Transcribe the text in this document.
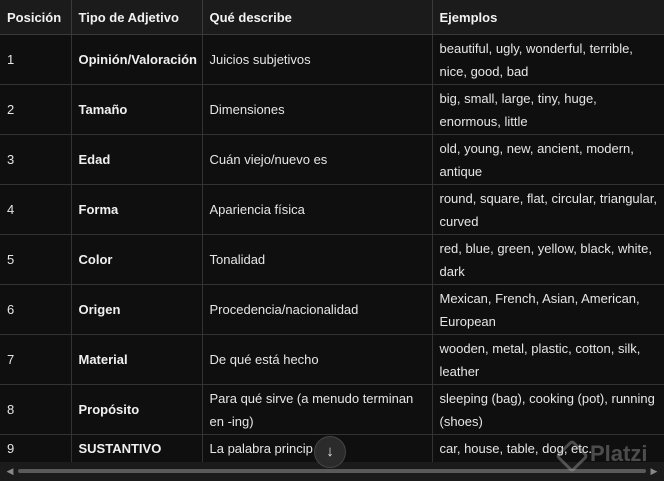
Posición	Tipo de Adjetivo	Qué describe	Ejemplos
1	Opinión/Valoración	Juicios subjetivos	beautiful, ugly, wonderful, terrible, nice, good, bad
2	Tamaño	Dimensiones	big, small, large, tiny, huge, enormous, little
3	Edad	Cuán viejo/nuevo es	old, young, new, ancient, modern, antique
4	Forma	Apariencia física	round, square, flat, circular, triangular, curved
5	Color	Tonalidad	red, blue, green, yellow, black, white, dark
6	Origen	Procedencia/nacionalidad	Mexican, French, Asian, American, European
7	Material	De qué está hecho	wooden, metal, plastic, cotton, silk, leather
8	Propósito	Para qué sirve (a menudo terminan en -ing)	sleeping (bag), cooking (pot), running (shoes)
9	SUSTANTIVO	La palabra princip	car, house, table, dog, etc.
◀	▶
↓	Platzi
